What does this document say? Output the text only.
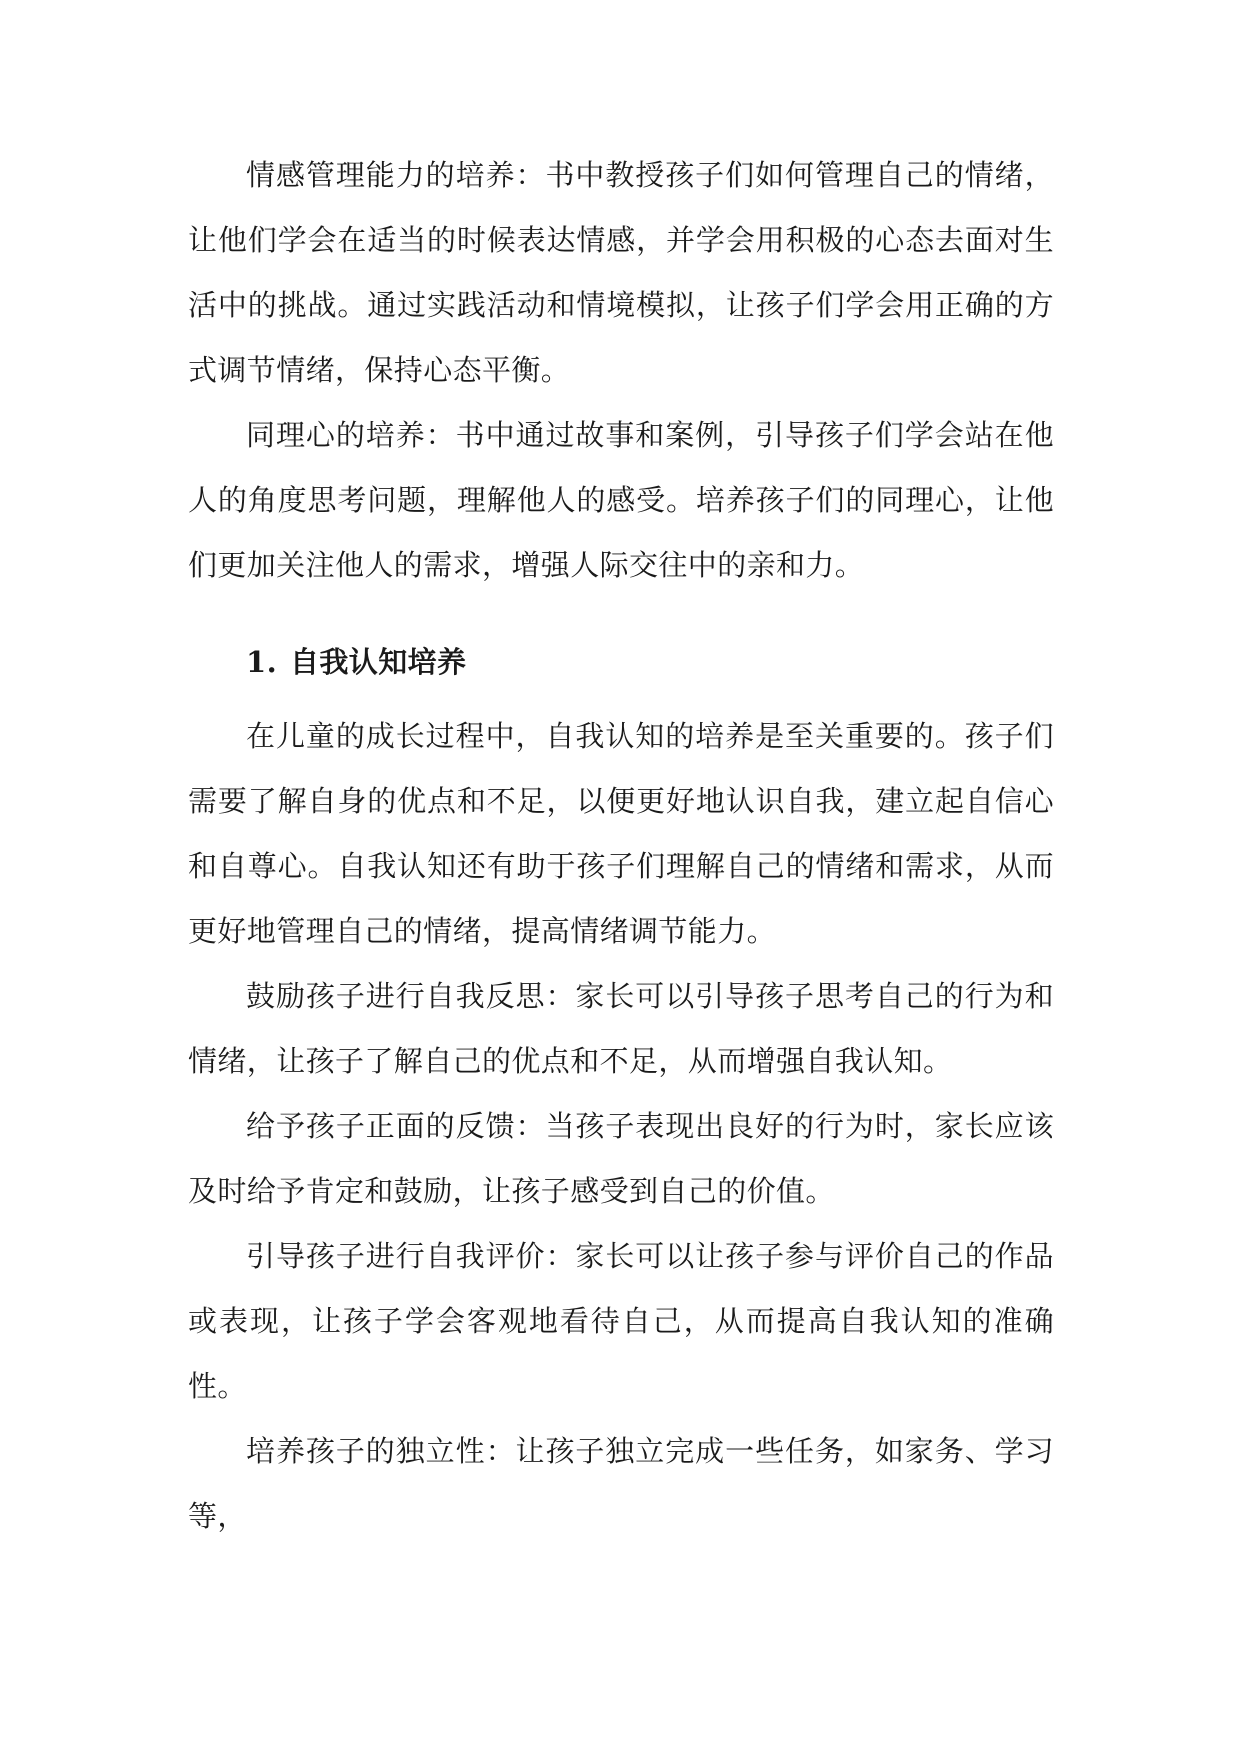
情感管理能力的培养：书中教授孩子们如何管理自己的情绪，让他们学会在适当的时候表达情感，并学会用积极的心态去面对生活中的挑战。通过实践活动和情境模拟，让孩子们学会用正确的方式调节情绪，保持心态平衡。

同理心的培养：书中通过故事和案例，引导孩子们学会站在他人的角度思考问题，理解他人的感受。培养孩子们的同理心，让他们更加关注他人的需求，增强人际交往中的亲和力。

1. 自我认知培养

在儿童的成长过程中，自我认知的培养是至关重要的。孩子们需要了解自身的优点和不足，以便更好地认识自我，建立起自信心和自尊心。自我认知还有助于孩子们理解自己的情绪和需求，从而更好地管理自己的情绪，提高情绪调节能力。

鼓励孩子进行自我反思：家长可以引导孩子思考自己的行为和情绪，让孩子了解自己的优点和不足，从而增强自我认知。

给予孩子正面的反馈：当孩子表现出良好的行为时，家长应该及时给予肯定和鼓励，让孩子感受到自己的价值。

引导孩子进行自我评价：家长可以让孩子参与评价自己的作品或表现，让孩子学会客观地看待自己，从而提高自我认知的准确性。

培养孩子的独立性：让孩子独立完成一些任务，如家务、学习等，
